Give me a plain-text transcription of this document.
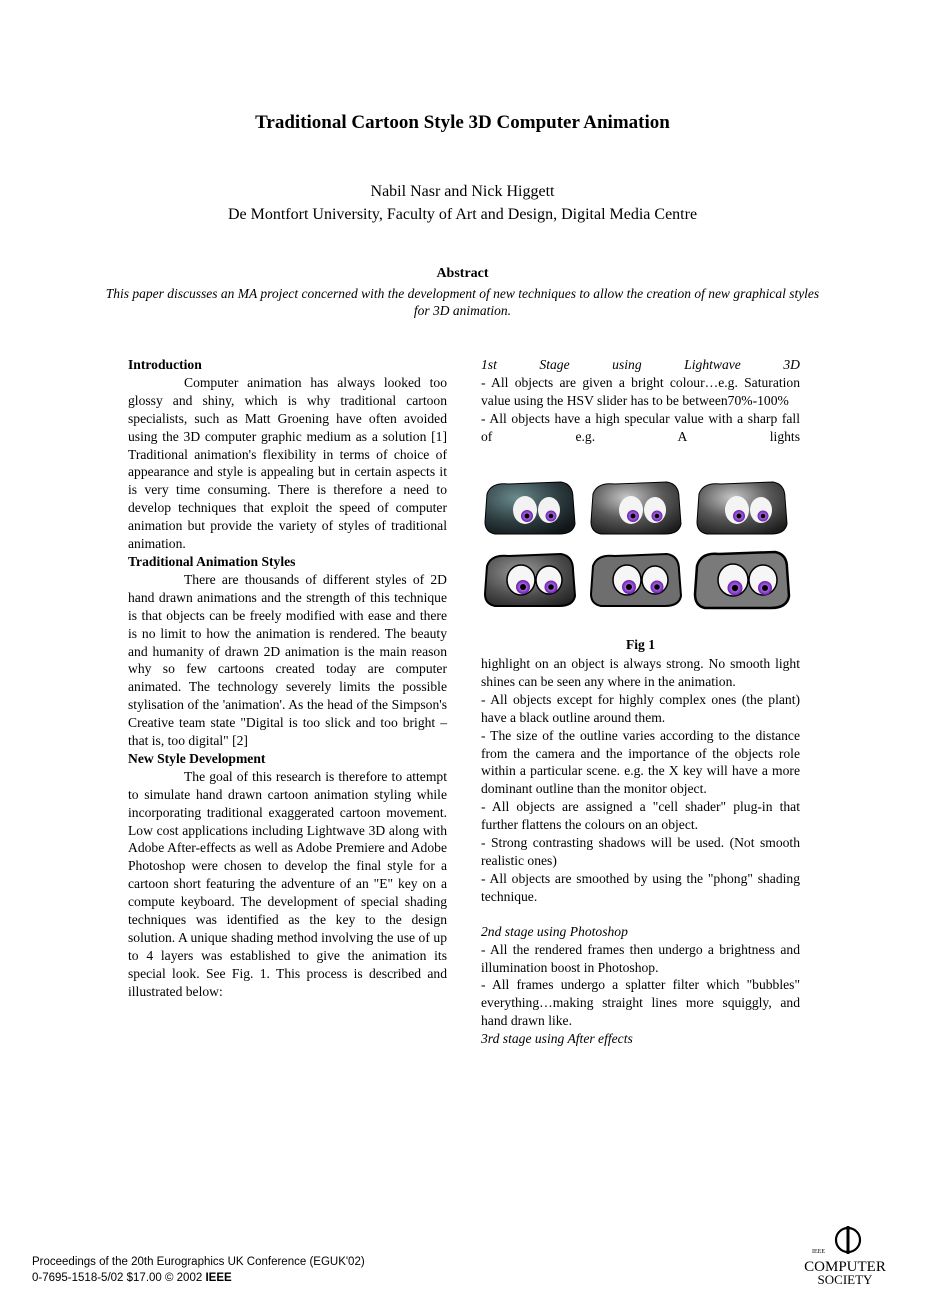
Traditional Cartoon Style 3D Computer Animation
Nabil Nasr and Nick Higgett
De Montfort University, Faculty of Art and Design, Digital Media Centre
Abstract
This paper discusses an MA project concerned with the development of new techniques to allow the creation of new graphical styles for 3D animation.

Introduction

Computer animation has always looked too glossy and shiny, which is why traditional cartoon specialists, such as Matt Groening have often avoided using the 3D computer graphic medium as a solution [1] Traditional animation's flexibility in terms of choice of appearance and style is appealing but in certain aspects it is very time consuming. There is therefore a need to develop techniques that exploit the speed of computer animation but provide the variety of styles of traditional animation.

Traditional Animation Styles

There are thousands of different styles of 2D hand drawn animations and the strength of this technique is that objects can be freely modified with ease and there is no limit to how the animation is rendered. The beauty and humanity of drawn 2D animation is the main reason why so few cartoons created today are computer animated. The technology severely limits the possible stylisation of the 'animation'. As the head of the Simpson's Creative team state "Digital is too slick and too bright – that is, too digital" [2]

New Style Development

The goal of this research is therefore to attempt to simulate hand drawn cartoon animation styling while incorporating traditional exaggerated cartoon movement. Low cost applications including Lightwave 3D along with Adobe After-effects as well as Adobe Premiere and Adobe Photoshop were chosen to develop the final style for a cartoon short featuring the adventure of an "E" key on a compute keyboard. The development of special shading techniques was identified as the key to the design solution. A unique shading method involving the use of up to 4 layers was established to give the animation its special look. See Fig. 1. This process is described and illustrated below:

1st Stage using Lightwave 3D

- All objects are given a bright colour…e.g. Saturation value using the HSV slider has to be between70%-100%

- All objects have a high specular value with a sharp fall of e.g. A lights

Fig 1

highlight on an object is always strong. No smooth light shines can be seen any where in the animation.

- All objects except for highly complex ones (the plant) have a black outline around them.

- The size of the outline varies according to the distance from the camera and the importance of the objects role within a particular scene. e.g. the X key will have a more dominant outline than the monitor object.

- All objects are assigned a "cell shader" plug-in that further flattens the colours on an object.

- Strong contrasting shadows will be used. (Not smooth realistic ones)

- All objects are smoothed by using the "phong" shading technique.

2nd stage using Photoshop

- All the rendered frames then undergo a brightness and illumination boost in Photoshop.

- All frames undergo a splatter filter which "bubbles" everything…making straight lines more squiggly, and hand drawn like.

3rd stage using After effects

Proceedings of the 20th Eurographics UK Conference (EGUK'02)
0-7695-1518-5/02 $17.00 © 2002 IEEE
IEEE
COMPUTER
SOCIETY
